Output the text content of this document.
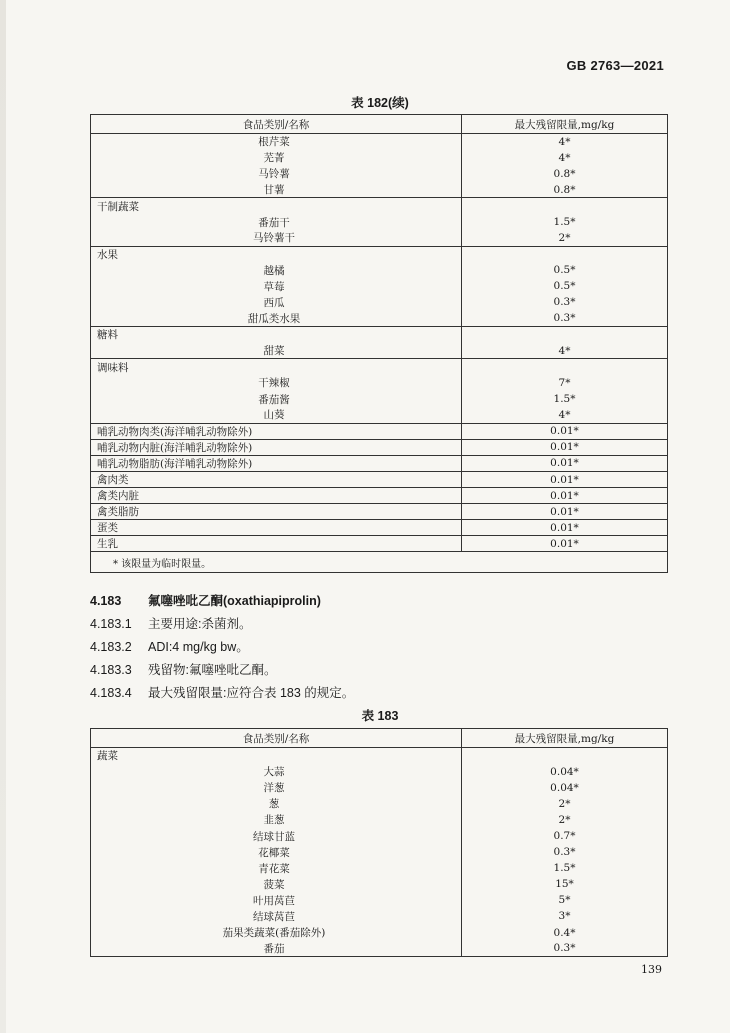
GB 2763—2021
表 182(续)
食品类别/名称	最大残留限量,mg/kg
根芹菜	4*
芜菁	4*
马铃薯	0.8*
甘薯	0.8*
干制蔬菜	
番茄干	1.5*
马铃薯干	2*
水果	
越橘	0.5*
草莓	0.5*
西瓜	0.3*
甜瓜类水果	0.3*
糖料	
甜菜	4*
调味料	
干辣椒	7*
番茄酱	1.5*
山葵	4*
哺乳动物肉类(海洋哺乳动物除外)	0.01*
哺乳动物内脏(海洋哺乳动物除外)	0.01*
哺乳动物脂肪(海洋哺乳动物除外)	0.01*
禽肉类	0.01*
禽类内脏	0.01*
禽类脂肪	0.01*
蛋类	0.01*
生乳	0.01*
* 该限量为临时限量。	
4.183 氟噻唑吡乙酮(oxathiapiprolin)
4.183.1 主要用途:杀菌剂。
4.183.2 ADI:4 mg/kg bw。
4.183.3 残留物:氟噻唑吡乙酮。
4.183.4 最大残留限量:应符合表 183 的规定。
表 183
食品类别/名称	最大残留限量,mg/kg
蔬菜	
大蒜	0.04*
洋葱	0.04*
葱	2*
韭葱	2*
结球甘蓝	0.7*
花椰菜	0.3*
青花菜	1.5*
菠菜	15*
叶用莴苣	5*
结球莴苣	3*
茄果类蔬菜(番茄除外)	0.4*
番茄	0.3*
139
